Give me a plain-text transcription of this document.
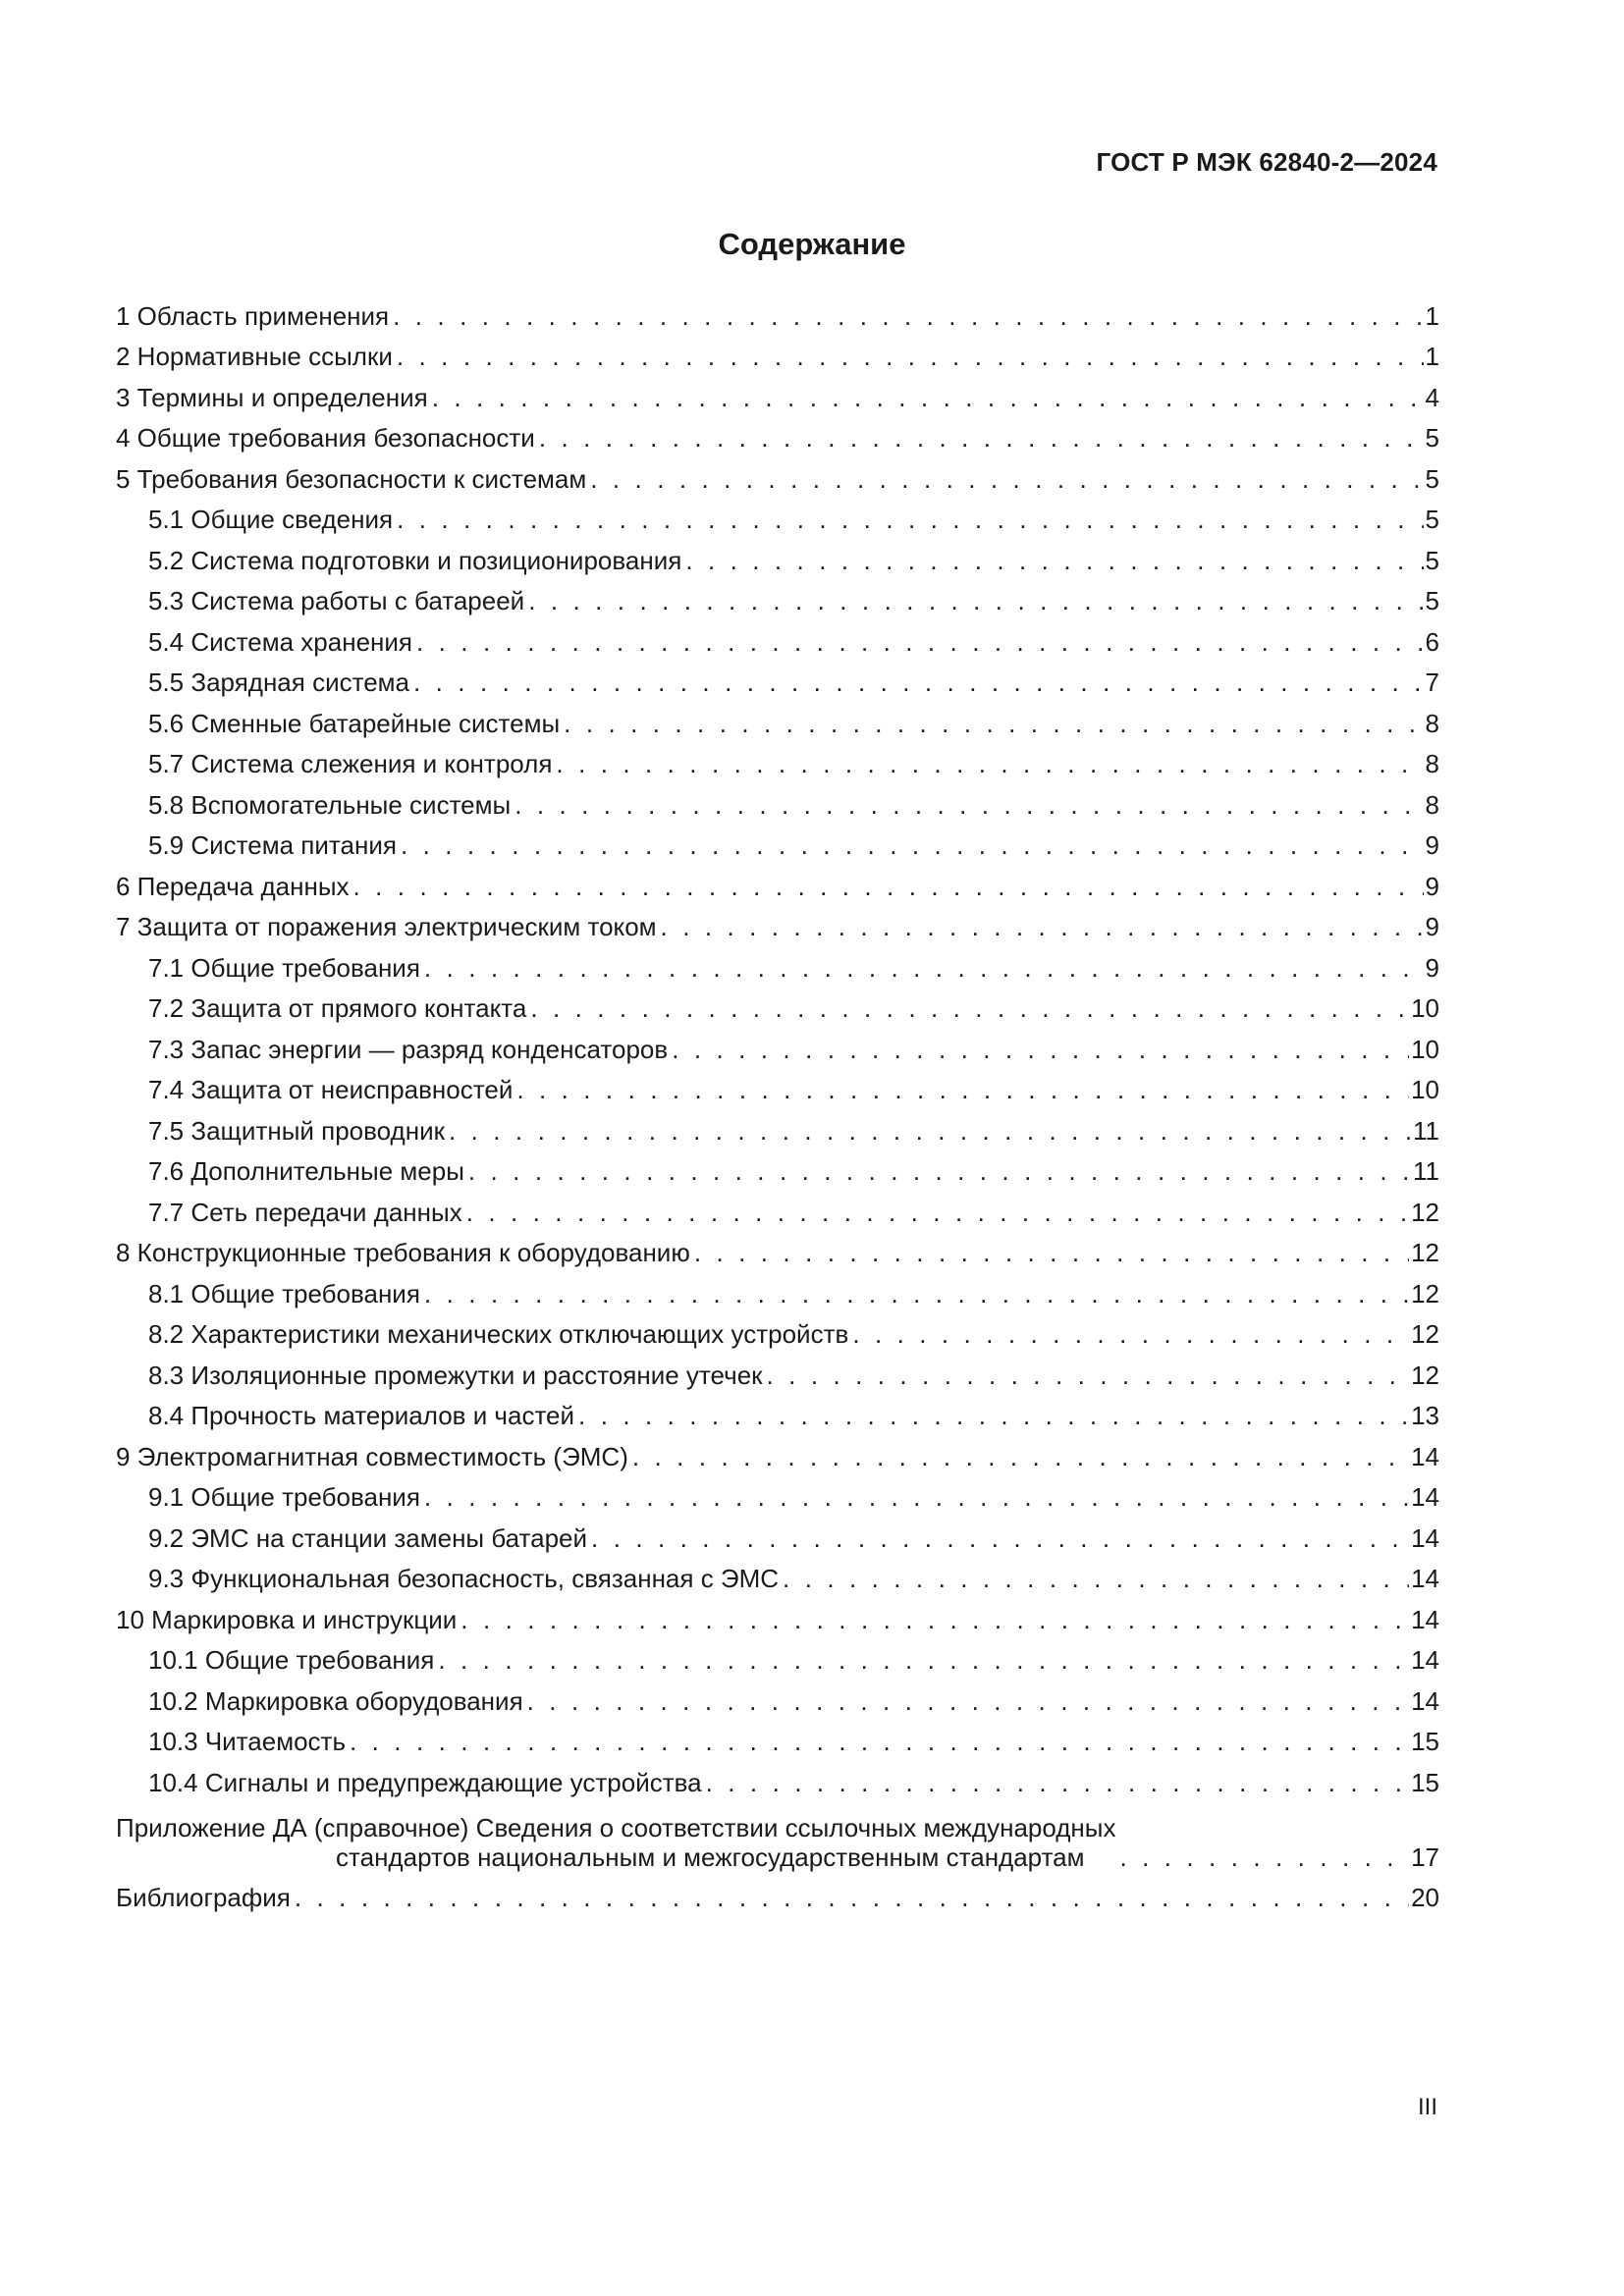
ГОСТ Р МЭК 62840-2—2024
Содержание
1 Область применения . . .	1
2 Нормативные ссылки . . .	1
3 Термины и определения . . .	4
4 Общие требования безопасности . . .	5
5 Требования безопасности к системам . . .	5
5.1 Общие сведения . . .	5
5.2 Система подготовки и позиционирования . . .	5
5.3 Система работы с батареей . . .	5
5.4 Система хранения . . .	6
5.5 Зарядная система . . .	7
5.6 Сменные батарейные системы . . .	8
5.7 Система слежения и контроля . . .	8
5.8 Вспомогательные системы . . .	8
5.9 Система питания . . .	9
6 Передача данных . . .	9
7 Защита от поражения электрическим током . . .	9
7.1 Общие требования . . .	9
7.2 Защита от прямого контакта . . .	10
7.3 Запас энергии — разряд конденсаторов . . .	10
7.4 Защита от неисправностей . . .	10
7.5 Защитный проводник . . .	11
7.6 Дополнительные меры . . .	11
7.7 Сеть передачи данных . . .	12
8 Конструкционные требования к оборудованию . . .	12
8.1 Общие требования . . .	12
8.2 Характеристики механических отключающих устройств . . .	12
8.3 Изоляционные промежутки и расстояние утечек . . .	12
8.4 Прочность материалов и частей . . .	13
9 Электромагнитная совместимость (ЭМС) . . .	14
9.1 Общие требования . . .	14
9.2 ЭМС на станции замены батарей . . .	14
9.3 Функциональная безопасность, связанная с ЭМС . . .	14
10 Маркировка и инструкции . . .	14
10.1 Общие требования . . .	14
10.2 Маркировка оборудования . . .	14
10.3 Читаемость . . .	15
10.4 Сигналы и предупреждающие устройства . . .	15
Приложение ДА (справочное) Сведения о соответствии ссылочных международных
стандартов национальным и межгосударственным стандартам . . .	17
Библиография . . .	20
III
